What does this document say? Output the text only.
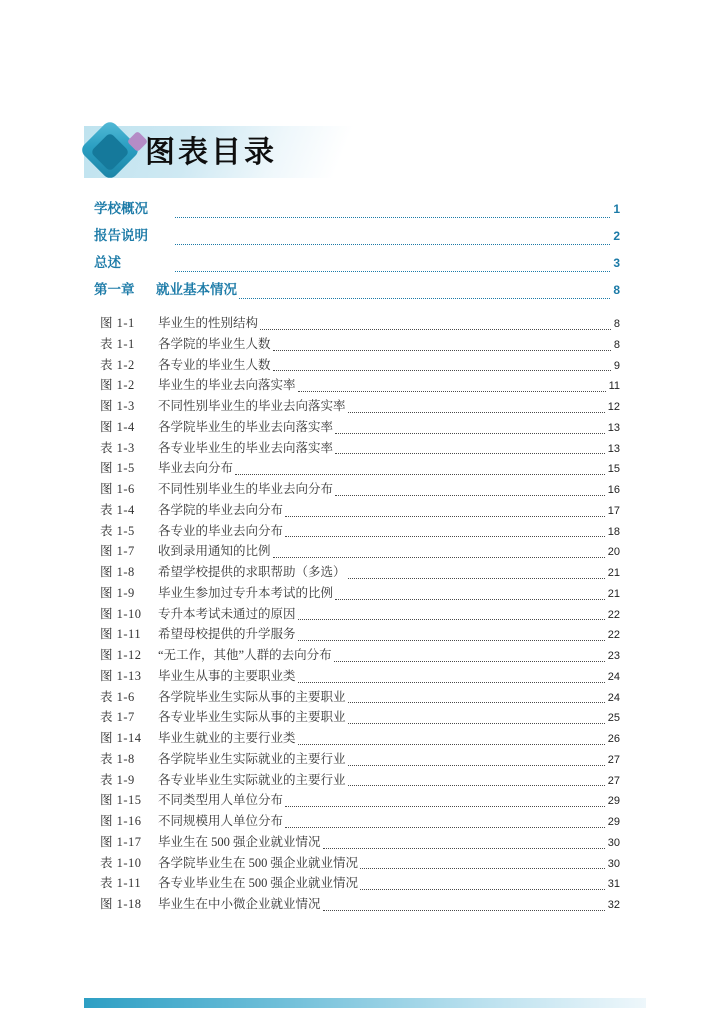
图表目录
学校概况	1
报告说明	2
总述	3
第一章	就业基本情况	8
图 1-1	毕业生的性别结构	8
表 1-1	各学院的毕业生人数	8
表 1-2	各专业的毕业生人数	9
图 1-2	毕业生的毕业去向落实率	11
图 1-3	不同性别毕业生的毕业去向落实率	12
图 1-4	各学院毕业生的毕业去向落实率	13
表 1-3	各专业毕业生的毕业去向落实率	13
图 1-5	毕业去向分布	15
图 1-6	不同性别毕业生的毕业去向分布	16
表 1-4	各学院的毕业去向分布	17
表 1-5	各专业的毕业去向分布	18
图 1-7	收到录用通知的比例	20
图 1-8	希望学校提供的求职帮助（多选）	21
图 1-9	毕业生参加过专升本考试的比例	21
图 1-10	专升本考试未通过的原因	22
图 1-11	希望母校提供的升学服务	22
图 1-12	“无工作，其他”人群的去向分布	23
图 1-13	毕业生从事的主要职业类	24
表 1-6	各学院毕业生实际从事的主要职业	24
表 1-7	各专业毕业生实际从事的主要职业	25
图 1-14	毕业生就业的主要行业类	26
表 1-8	各学院毕业生实际就业的主要行业	27
表 1-9	各专业毕业生实际就业的主要行业	27
图 1-15	不同类型用人单位分布	29
图 1-16	不同规模用人单位分布	29
图 1-17	毕业生在 500 强企业就业情况	30
表 1-10	各学院毕业生在 500 强企业就业情况	30
表 1-11	各专业毕业生在 500 强企业就业情况	31
图 1-18	毕业生在中小微企业就业情况	32
